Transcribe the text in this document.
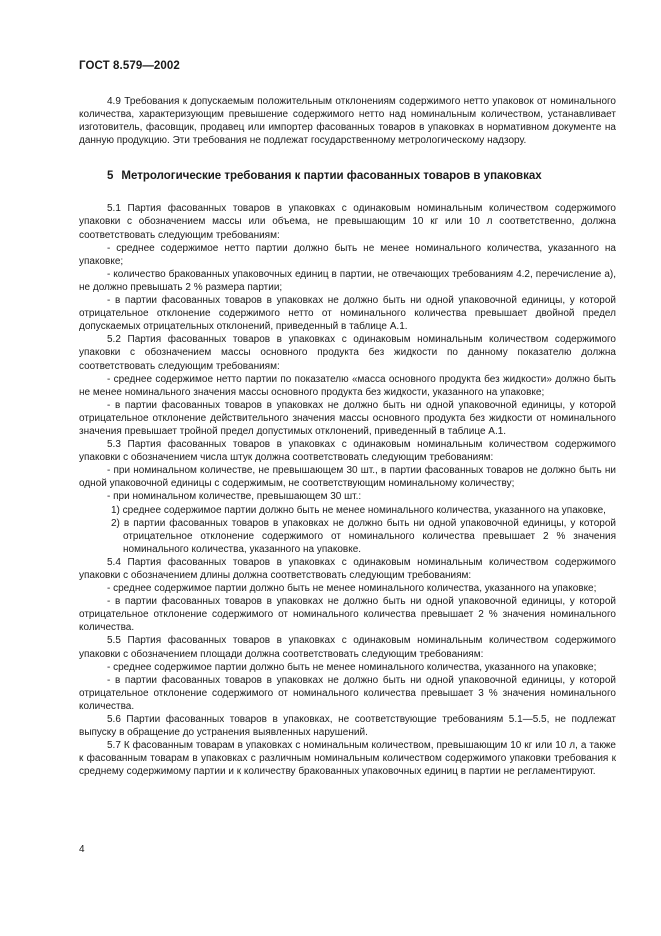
ГОСТ 8.579—2002

4.9 Требования к допускаемым положительным отклонениям содержимого нетто упаковок от номинального количества, характеризующим превышение содержимого нетто над номинальным количеством, устанавливает изготовитель, фасовщик, продавец или импортер фасованных товаров в упаковках в нормативном документе на данную продукцию. Эти требования не подлежат государственному метрологическому надзору.

5 Метрологические требования к партии фасованных товаров в упаковках

5.1 Партия фасованных товаров в упаковках с одинаковым номинальным количеством содержимого упаковки с обозначением массы или объема, не превышающим 10 кг или 10 л соответственно, должна соответствовать следующим требованиям:

- среднее содержимое нетто партии должно быть не менее номинального количества, указанного на упаковке;

- количество бракованных упаковочных единиц в партии, не отвечающих требованиям 4.2, перечисление а), не должно превышать 2 % размера партии;

- в партии фасованных товаров в упаковках не должно быть ни одной упаковочной единицы, у которой отрицательное отклонение содержимого нетто от номинального количества превышает двойной предел допускаемых отрицательных отклонений, приведенный в таблице А.1.

5.2 Партия фасованных товаров в упаковках с одинаковым номинальным количеством содержимого упаковки с обозначением массы основного продукта без жидкости по данному показателю должна соответствовать следующим требованиям:

- среднее содержимое нетто партии по показателю «масса основного продукта без жидкости» должно быть не менее номинального значения массы основного продукта без жидкости, указанного на упаковке;

- в партии фасованных товаров в упаковках не должно быть ни одной упаковочной единицы, у которой отрицательное отклонение действительного значения массы основного продукта без жидкости от номинального значения превышает тройной предел допустимых отклонений, приведенный в таблице А.1.

5.3 Партия фасованных товаров в упаковках с одинаковым номинальным количеством содержимого упаковки с обозначением числа штук должна соответствовать следующим требованиям:

- при номинальном количестве, не превышающем 30 шт., в партии фасованных товаров не должно быть ни одной упаковочной единицы с содержимым, не соответствующим номинальному количеству;

- при номинальном количестве, превышающем 30 шт.:

1) среднее содержимое партии должно быть не менее номинального количества, указанного на упаковке,

2) в партии фасованных товаров в упаковках не должно быть ни одной упаковочной единицы, у которой отрицательное отклонение содержимого от номинального количества превышает 2 % значения номинального количества, указанного на упаковке.

5.4 Партия фасованных товаров в упаковках с одинаковым номинальным количеством содержимого упаковки с обозначением длины должна соответствовать следующим требованиям:

- среднее содержимое партии должно быть не менее номинального количества, указанного на упаковке;

- в партии фасованных товаров в упаковках не должно быть ни одной упаковочной единицы, у которой отрицательное отклонение содержимого от номинального количества превышает 2 % значения номинального количества.

5.5 Партия фасованных товаров в упаковках с одинаковым номинальным количеством содержимого упаковки с обозначением площади должна соответствовать следующим требованиям:

- среднее содержимое партии должно быть не менее номинального количества, указанного на упаковке;

- в партии фасованных товаров в упаковках не должно быть ни одной упаковочной единицы, у которой отрицательное отклонение содержимого от номинального количества превышает 3 % значения номинального количества.

5.6 Партии фасованных товаров в упаковках, не соответствующие требованиям 5.1—5.5, не подлежат выпуску в обращение до устранения выявленных нарушений.

5.7 К фасованным товарам в упаковках с номинальным количеством, превышающим 10 кг или 10 л, а также к фасованным товарам в упаковках с различным номинальным количеством содержимого упаковки требования к среднему содержимому партии и к количеству бракованных упаковочных единиц в партии не регламентируют.

4
